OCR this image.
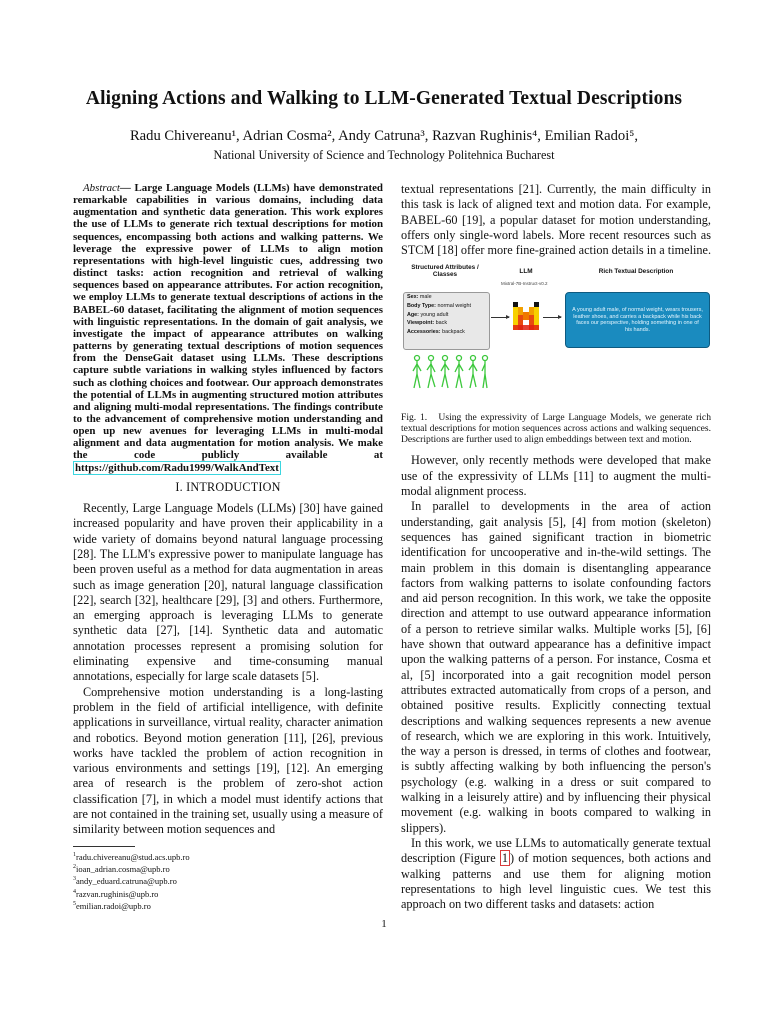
Aligning Actions and Walking to LLM-Generated Textual Descriptions
Radu Chivereanu¹, Adrian Cosma², Andy Catruna³, Razvan Rughinis⁴, Emilian Radoi⁵,
National University of Science and Technology Politehnica Bucharest

Abstract— Large Language Models (LLMs) have demonstrated remarkable capabilities in various domains, including data augmentation and synthetic data generation. This work explores the use of LLMs to generate rich textual descriptions for motion sequences, encompassing both actions and walking patterns. We leverage the expressive power of LLMs to align motion representations with high-level linguistic cues, addressing two distinct tasks: action recognition and retrieval of walking sequences based on appearance attributes. For action recognition, we employ LLMs to generate textual descriptions of actions in the BABEL-60 dataset, facilitating the alignment of motion sequences with linguistic representations. In the domain of gait analysis, we investigate the impact of appearance attributes on walking patterns by generating textual descriptions of motion sequences from the DenseGait dataset using LLMs. These descriptions capture subtle variations in walking styles influenced by factors such as clothing choices and footwear. Our approach demonstrates the potential of LLMs in augmenting structured motion attributes and aligning multi-modal representations. The findings contribute to the advancement of comprehensive motion understanding and open up new avenues for leveraging LLMs in multi-modal alignment and data augmentation for motion analysis. We make the code publicly available at https://github.com/Radu1999/WalkAndText

I. INTRODUCTION

Recently, Large Language Models (LLMs) [30] have gained increased popularity and have proven their applicability in a wide variety of domains beyond natural language processing [28]. The LLM's expressive power to manipulate language has been proven useful as a method for data augmentation in areas such as image generation [20], natural language classification [22], search [32], healthcare [29], [3] and others. Furthermore, an emerging approach is leveraging LLMs to generate synthetic data [27], [14]. Synthetic data and automatic annotation processes represent a promising solution for eliminating expensive and time-consuming manual annotations, especially for large scale datasets [5].

Comprehensive motion understanding is a long-lasting problem in the field of artificial intelligence, with definite applications in surveillance, virtual reality, character animation and robotics. Beyond motion generation [11], [26], previous works have tackled the problem of action recognition in various environments and settings [19], [12]. An emerging area of research is the problem of zero-shot action classification [7], in which a model must identify actions that are not contained in the training set, usually using a measure of similarity between motion sequences and

$^1$radu.chivereanu@stud.acs.upb.ro
$^2$ioan_adrian.cosma@upb.ro
$^3$andy_eduard.catruna@upb.ro
$^4$razvan.rughinis@upb.ro
$^5$emilian.radoi@upb.ro

textual representations [21]. Currently, the main difficulty in this task is lack of aligned text and motion data. For example, BABEL-60 [19], a popular dataset for motion understanding, offers only single-word labels. More recent resources such as STCM [18] offer more fine-grained action details in a timeline.

Structured Attributes / Classes	LLM
Mixtral-7B-Instruct-v0.2
Rich Textual Description
Sex: male
Body Type: normal weight
Age: young adult
Viewpoint: back
Accessories: backpack
A young adult male, of normal weight, wears trousers, leather shoes, and carries a backpack while his back faces our perspective, holding something in one of his hands.
Fig. 1. Using the expressivity of Large Language Models, we generate rich textual descriptions for motion sequences across actions and walking sequences. Descriptions are further used to align embeddings between text and motion.

However, only recently methods were developed that make use of the expressivity of LLMs [11] to augment the multi-modal alignment process.

In parallel to developments in the area of action understanding, gait analysis [5], [4] from motion (skeleton) sequences has gained significant traction in biometric identification for uncooperative and in-the-wild settings. The main problem in this domain is disentangling appearance factors from walking patterns to isolate confounding factors and aid person recognition. In this work, we take the opposite direction and attempt to use outward appearance information of a person to retrieve similar walks. Multiple works [5], [6] have shown that outward appearance has a definitive impact upon the walking patterns of a person. For instance, Cosma et al, [5] incorporated into a gait recognition model person attributes extracted automatically from crops of a person, and obtained positive results. Explicitly connecting textual descriptions and walking sequences represents a new avenue of research, which we are exploring in this work. Intuitively, the way a person is dressed, in terms of clothes and footwear, is subtly affecting walking by both influencing the person's psychology (e.g. walking in a dress or suit compared to walking in a leisurely attire) and by influencing their physical movement (e.g. walking in boots compared to walking in slippers).

In this work, we use LLMs to automatically generate textual description (Figure 1 ) of motion sequences, both actions and walking patterns and use them for aligning motion representations to high level linguistic cues. We test this approach on two different tasks and datasets: action

1
